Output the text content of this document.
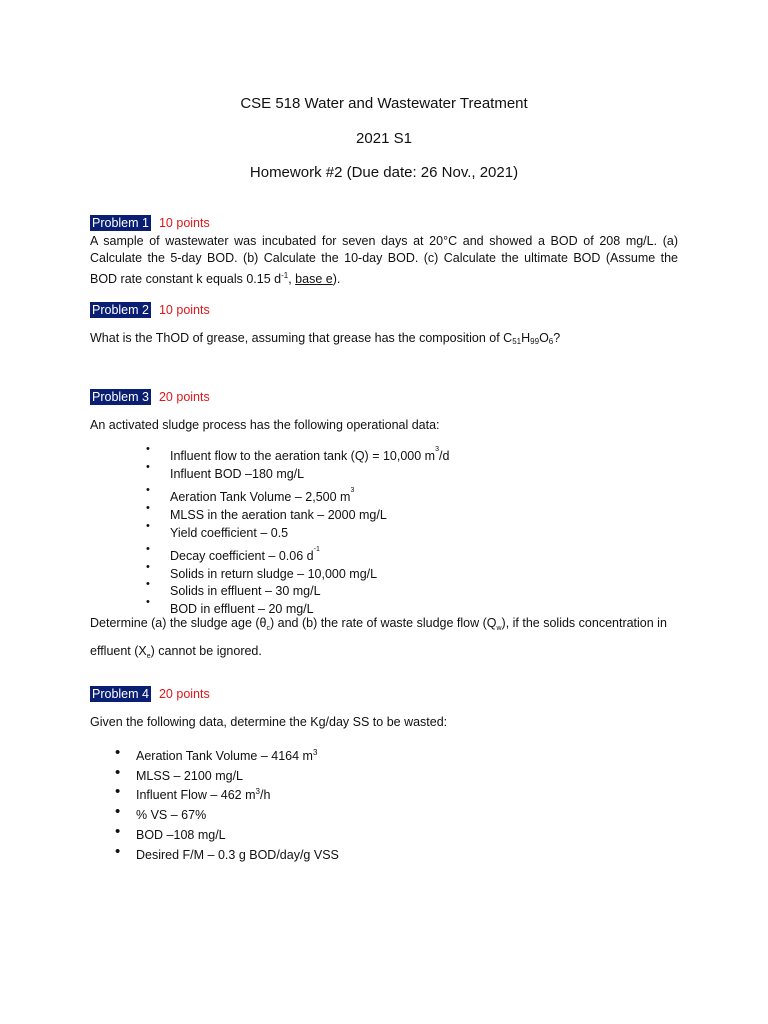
CSE 518 Water and Wastewater Treatment
2021 S1
Homework #2 (Due date: 26 Nov., 2021)
Problem 1 10 points
A sample of wastewater was incubated for seven days at 20°C and showed a BOD of 208 mg/L. (a) Calculate the 5-day BOD. (b) Calculate the 10-day BOD. (c) Calculate the ultimate BOD (Assume the BOD rate constant k equals 0.15 $d^{-1}$, base e).
Problem 2 10 points
What is the ThOD of grease, assuming that grease has the composition of $C_{51}H_{99}O_6$?
Problem 3 20 points
An activated sludge process has the following operational data:
• Influent flow to the aeration tank (Q) = 10,000 $m^3/d$
• Influent BOD –180 mg/L
• Aeration Tank Volume – 2,500 $m^3$
• MLSS in the aeration tank – 2000 mg/L
• Yield coefficient – 0.5
• Decay coefficient – 0.06 $d^{-1}$
• Solids in return sludge – 10,000 mg/L
• Solids in effluent – 30 mg/L
• BOD in effluent – 20 mg/L
Determine (a) the sludge age $(\theta_c)$ and (b) the rate of waste sludge flow $(Q_w)$, if the solids concentration in
effluent $(X_e)$ cannot be ignored.
Problem 4 20 points
Given the following data, determine the Kg/day SS to be wasted:
• Aeration Tank Volume – 4164 $m^3$
• MLSS – 2100 mg/L
• Influent Flow – 462 $m^3/h$
• % VS – 67%
• BOD –108 mg/L
• Desired F/M – 0.3 g BOD/day/g VSS
